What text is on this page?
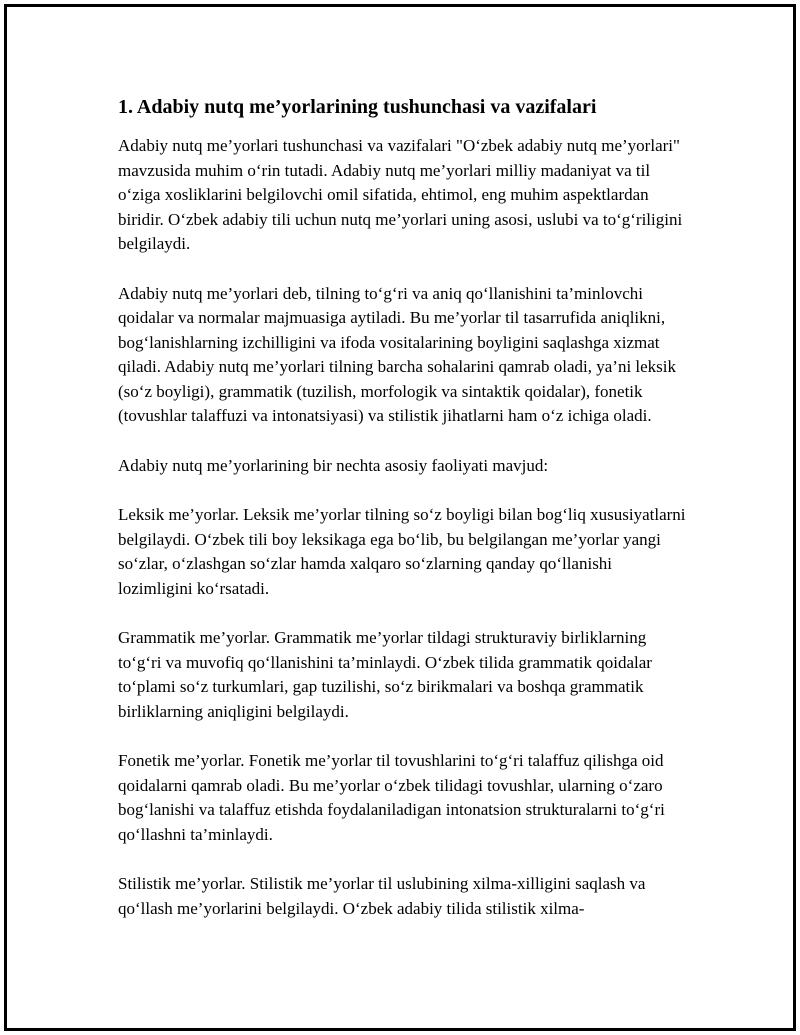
1. Adabiy nutq me’yorlarining tushunchasi va vazifalari

Adabiy nutq me’yorlari tushunchasi va vazifalari "O‘zbek adabiy nutq me’yorlari" mavzusida muhim o‘rin tutadi. Adabiy nutq me’yorlari milliy madaniyat va til o‘ziga xosliklarini belgilovchi omil sifatida, ehtimol, eng muhim aspektlardan biridir. O‘zbek adabiy tili uchun nutq me’yorlari uning asosi, uslubi va to‘g‘riligini belgilaydi.

Adabiy nutq me’yorlari deb, tilning to‘g‘ri va aniq qo‘llanishini ta’minlovchi qoidalar va normalar majmuasiga aytiladi. Bu me’yorlar til tasarrufida aniqlikni, bog‘lanishlarning izchilligini va ifoda vositalarining boyligini saqlashga xizmat qiladi. Adabiy nutq me’yorlari tilning barcha sohalarini qamrab oladi, ya’ni leksik (so‘z boyligi), grammatik (tuzilish, morfologik va sintaktik qoidalar), fonetik (tovushlar talaffuzi va intonatsiyasi) va stilistik jihatlarni ham o‘z ichiga oladi.

Adabiy nutq me’yorlarining bir nechta asosiy faoliyati mavjud:

Leksik me’yorlar. Leksik me’yorlar tilning so‘z boyligi bilan bog‘liq xususiyatlarni belgilaydi. O‘zbek tili boy leksikaga ega bo‘lib, bu belgilangan me’yorlar yangi so‘zlar, o‘zlashgan so‘zlar hamda xalqaro so‘zlarning qanday qo‘llanishi lozimligini ko‘rsatadi.

Grammatik me’yorlar. Grammatik me’yorlar tildagi strukturaviy birliklarning to‘g‘ri va muvofiq qo‘llanishini ta’minlaydi. O‘zbek tilida grammatik qoidalar to‘plami so‘z turkumlari, gap tuzilishi, so‘z birikmalari va boshqa grammatik birliklarning aniqligini belgilaydi.

Fonetik me’yorlar. Fonetik me’yorlar til tovushlarini to‘g‘ri talaffuz qilishga oid qoidalarni qamrab oladi. Bu me’yorlar o‘zbek tilidagi tovushlar, ularning o‘zaro bog‘lanishi va talaffuz etishda foydalaniladigan intonatsion strukturalarni to‘g‘ri qo‘llashni ta’minlaydi.

Stilistik me’yorlar. Stilistik me’yorlar til uslubining xilma-xilligini saqlash va qo‘llash me’yorlarini belgilaydi. O‘zbek adabiy tilida stilistik xilma-
